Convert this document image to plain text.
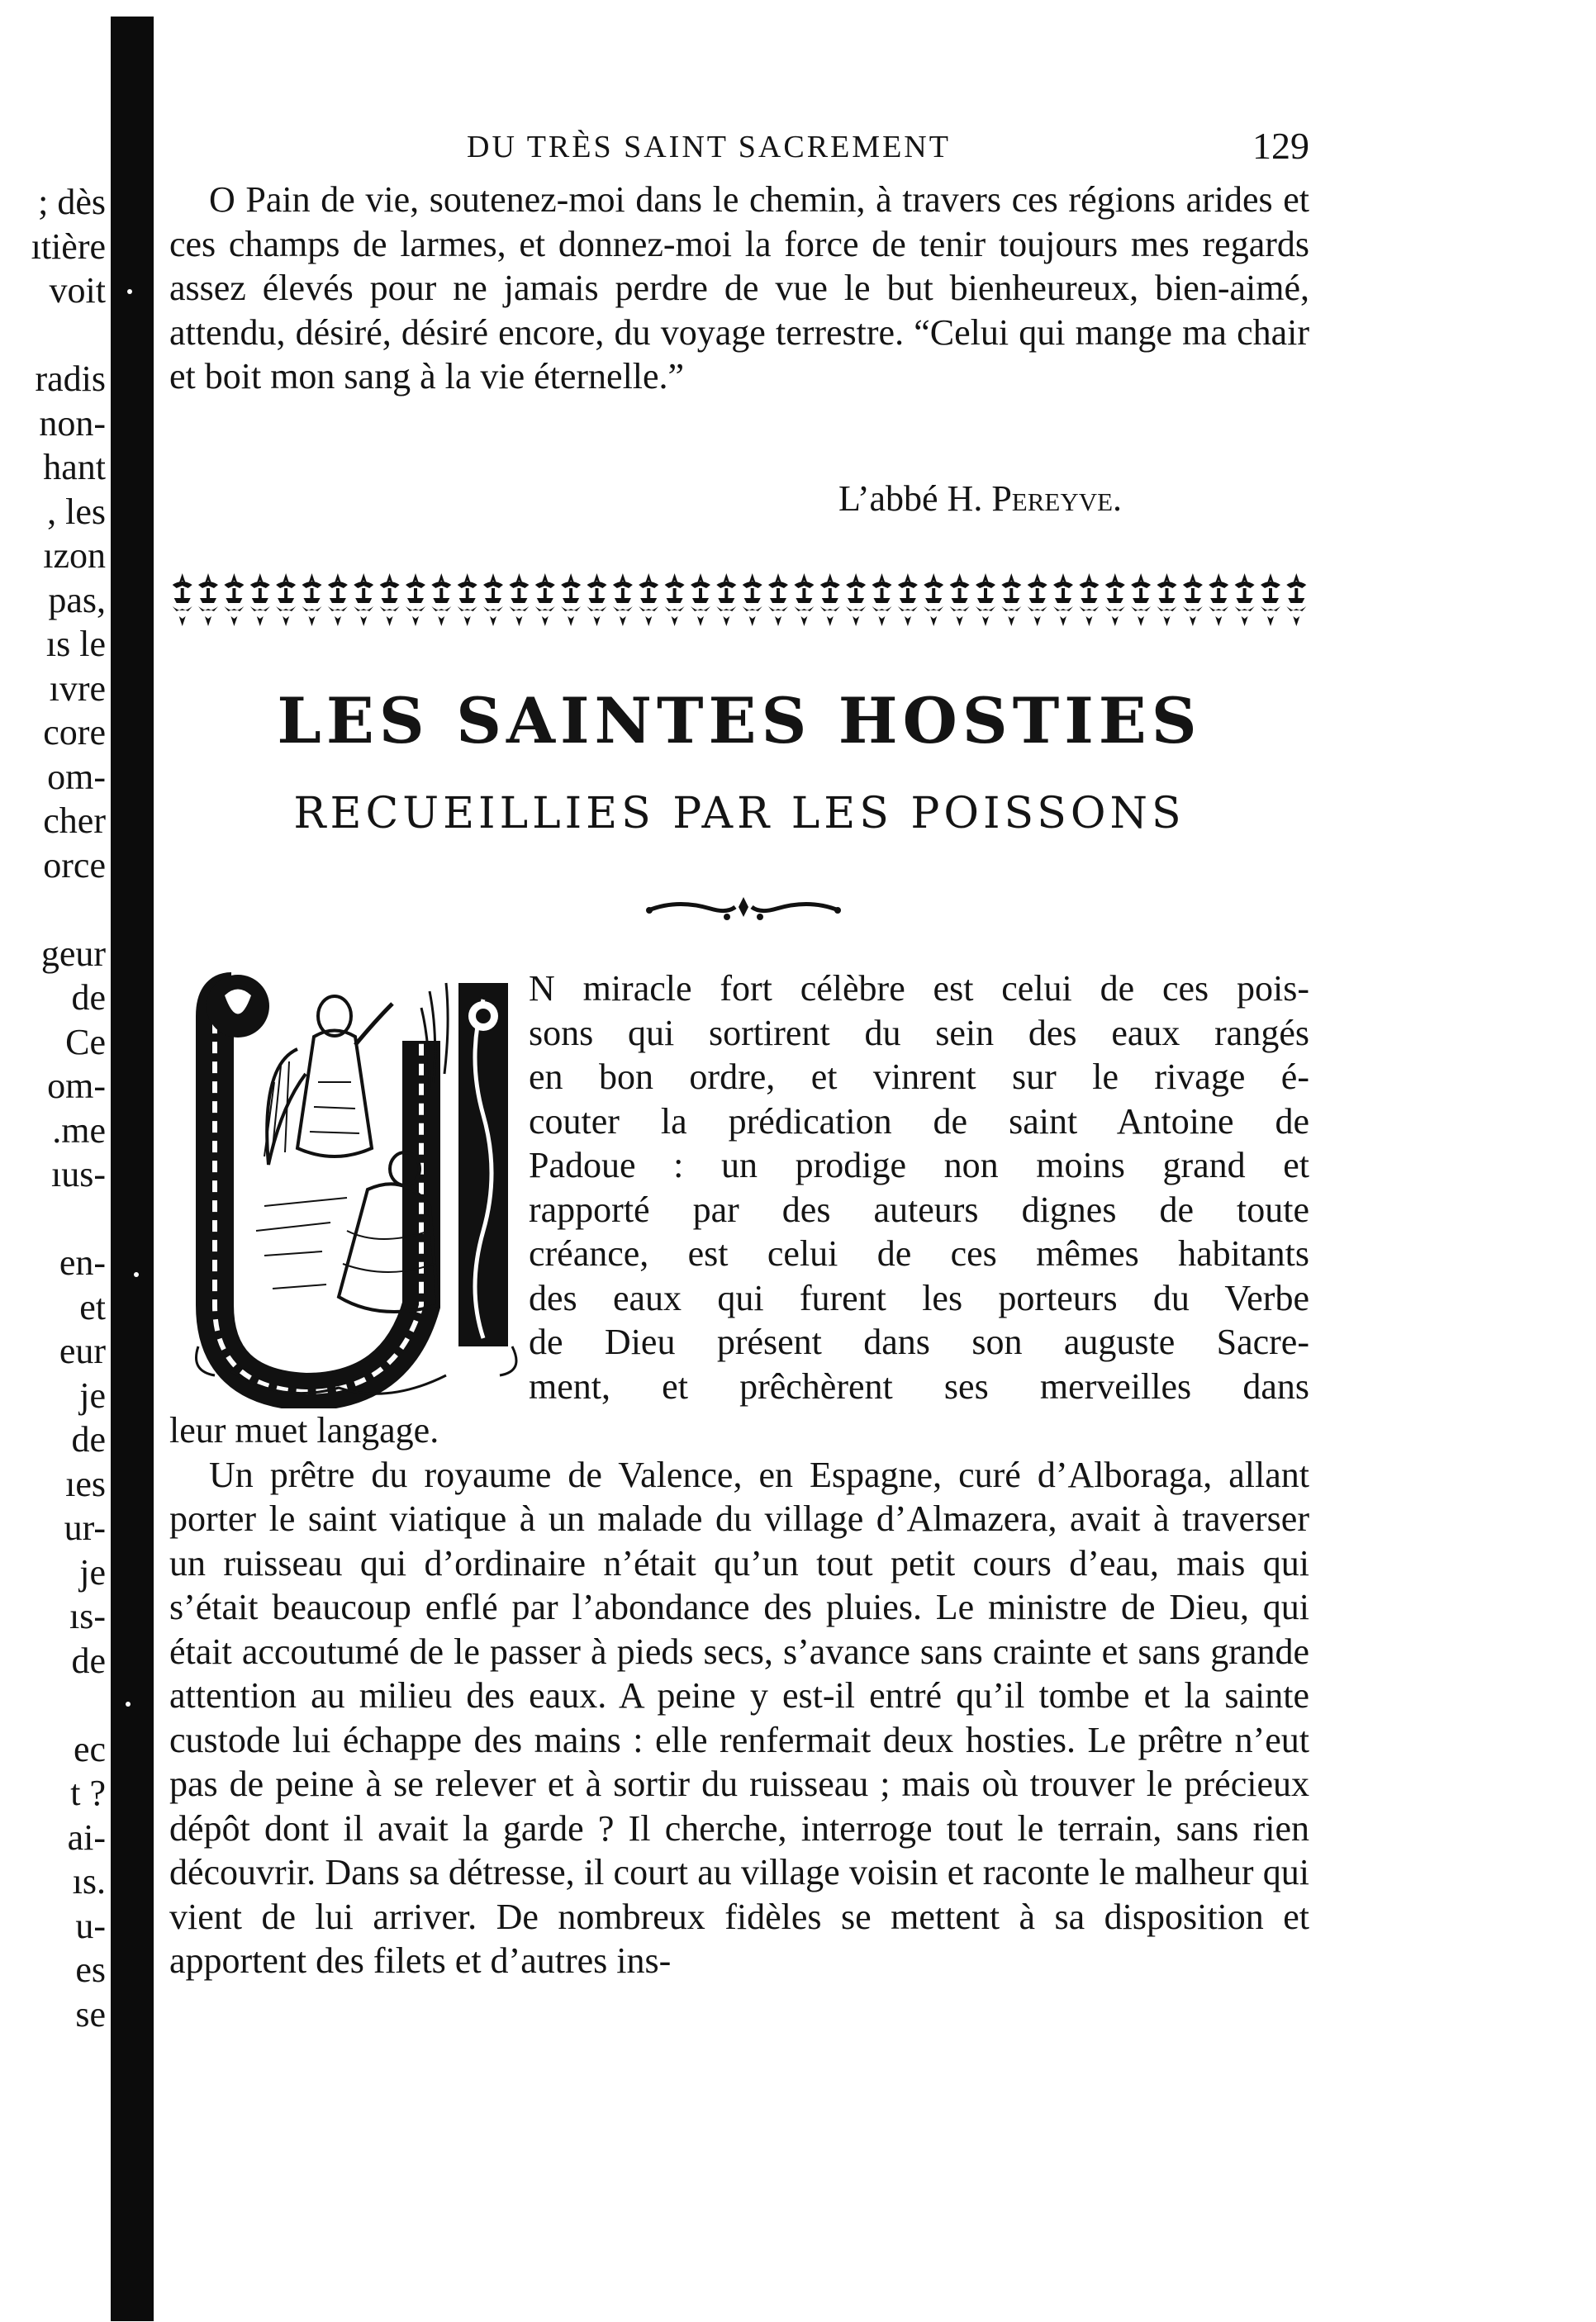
; dès
ıtière
voit
radis
non-
hant
, les
ızon
pas,
ıs le
ıvre
core
om-
cher
orce
geur
de
Ce
om-
.me
ıus-
en-
et
eur
je
de
ıes
ur-
je
ıs-
de
ec
t ?
ai-
ıs.
u-
es
se
DU TRÈS SAINT SACREMENT	129
O Pain de vie, soutenez-moi dans le chemin, à travers ces régions arides et ces champs de larmes, et donnez-moi la force de tenir toujours mes regards assez élevés pour ne jamais perdre de vue le but bienheureux, bien-aimé, attendu, désiré, désiré encore, du voyage terrestre. “Celui qui mange ma chair et boit mon sang à la vie éternelle.”
L’abbé H. Pereyve.
LES SAINTES HOSTIES
RECUEILLIES PAR LES POISSONS
N miracle fort célèbre est celui de ces pois-
sons qui sortirent du sein des eaux rangés
en bon ordre, et vinrent sur le rivage é-
couter la prédication de saint Antoine de
Padoue : un prodige non moins grand et
rapporté par des auteurs dignes de toute
créance, est celui de ces mêmes habitants
des eaux qui furent les porteurs du Verbe
de Dieu présent dans son auguste Sacre-
ment, et prêchèrent ses merveilles dans
leur muet langage.
Un prêtre du royaume de Valence, en Espagne, curé d’Alboraga, allant porter le saint viatique à un malade du village d’Almazera, avait à traverser un ruisseau qui d’ordinaire n’était qu’un tout petit cours d’eau, mais qui s’était beaucoup enflé par l’abondance des pluies. Le ministre de Dieu, qui était accoutumé de le passer à pieds secs, s’avance sans crainte et sans grande attention au milieu des eaux. A peine y est-il entré qu’il tombe et la sainte custode lui échappe des mains : elle renfermait deux hosties. Le prêtre n’eut pas de peine à se relever et à sortir du ruisseau ; mais où trouver le précieux dépôt dont il avait la garde ? Il cherche, interroge tout le terrain, sans rien découvrir. Dans sa détresse, il court au village voisin et raconte le malheur qui vient de lui arriver. De nombreux fidèles se mettent à sa disposition et apportent des filets et d’autres ins-
